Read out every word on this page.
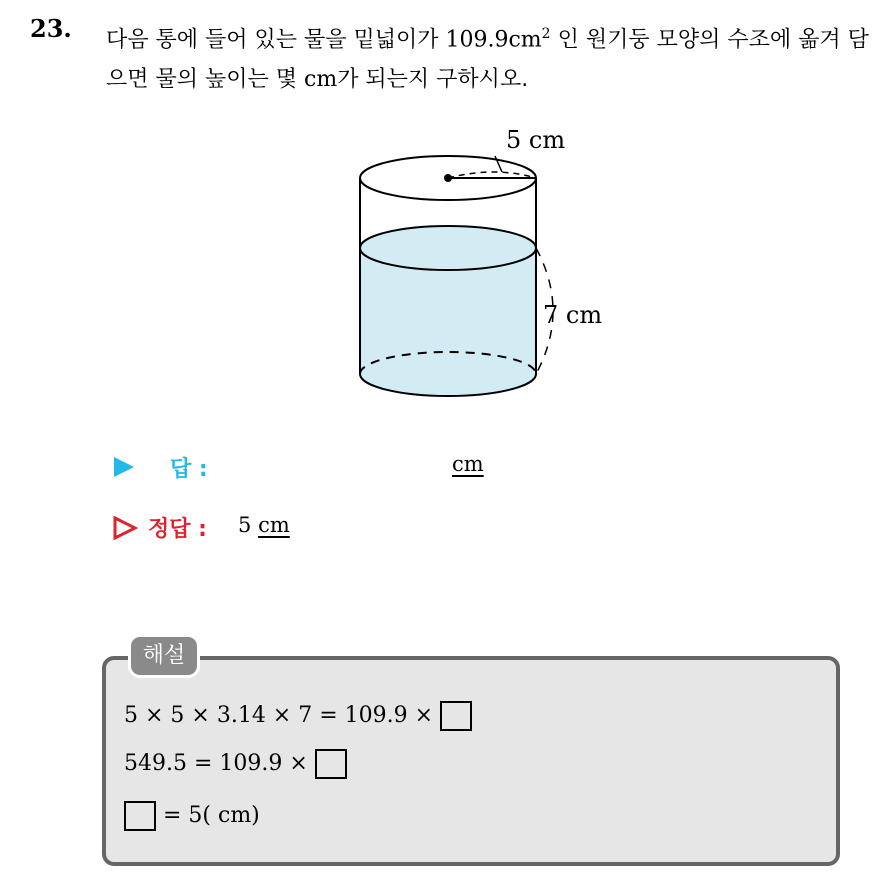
23. 다음 통에 들어 있는 물을 밑넓이가 $109.9cm^2$ 인 원기둥 모양의 수조에 옮겨 담으면 물의 높이는 몇 cm가 되는지 구하시오.
5 cm
7 cm
답 :	cm
정답 : 5 cm
해설
5 × 5 × 3.14 × 7 = 109.9 ×
549.5 = 109.9 ×
= 5( cm)
